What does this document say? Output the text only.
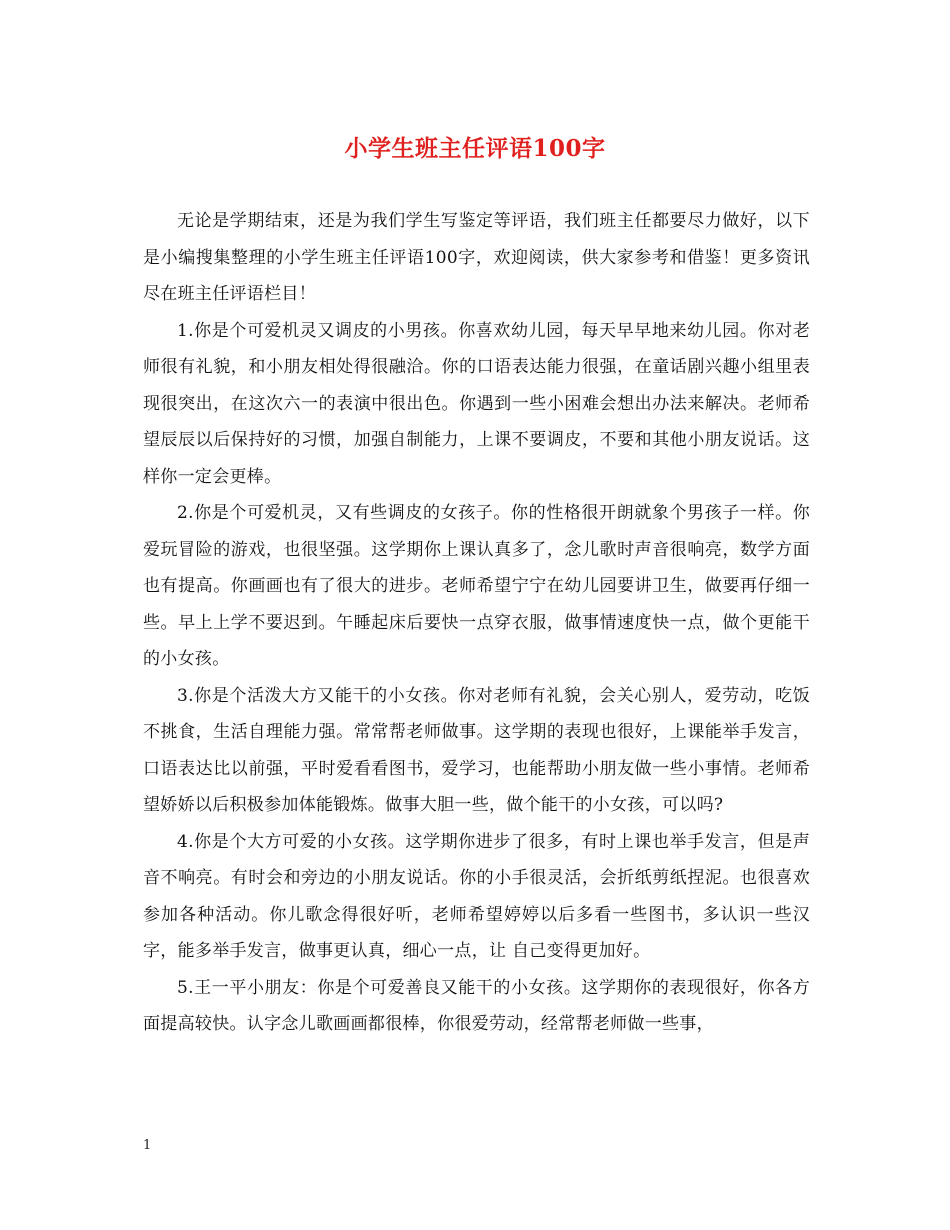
小学生班主任评语100字

无论是学期结束，还是为我们学生写鉴定等评语，我们班主任都要尽力做好，以下是小编搜集整理的小学生班主任评语100字，欢迎阅读，供大家参考和借鉴！更多资讯尽在班主任评语栏目！

1.你是个可爱机灵又调皮的小男孩。你喜欢幼儿园，每天早早地来幼儿园。你对老师很有礼貌，和小朋友相处得很融洽。你的口语表达能力很强，在童话剧兴趣小组里表现很突出，在这次六一的表演中很出色。你遇到一些小困难会想出办法来解决。老师希望辰辰以后保持好的习惯，加强自制能力，上课不要调皮，不要和其他小朋友说话。这样你一定会更棒。

2.你是个可爱机灵，又有些调皮的女孩子。你的性格很开朗就象个男孩子一样。你爱玩冒险的游戏，也很坚强。这学期你上课认真多了，念儿歌时声音很响亮，数学方面也有提高。你画画也有了很大的进步。老师希望宁宁在幼儿园要讲卫生，做要再仔细一些。早上上学不要迟到。午睡起床后要快一点穿衣服，做事情速度快一点，做个更能干的小女孩。

3.你是个活泼大方又能干的小女孩。你对老师有礼貌，会关心别人，爱劳动，吃饭不挑食，生活自理能力强。常常帮老师做事。这学期的表现也很好，上课能举手发言，口语表达比以前强，平时爱看看图书，爱学习，也能帮助小朋友做一些小事情。老师希望娇娇以后积极参加体能锻炼。做事大胆一些，做个能干的小女孩，可以吗?

4.你是个大方可爱的小女孩。这学期你进步了很多，有时上课也举手发言，但是声音不响亮。有时会和旁边的小朋友说话。你的小手很灵活，会折纸剪纸捏泥。也很喜欢参加各种活动。你儿歌念得很好听，老师希望婷婷以后多看一些图书，多认识一些汉字，能多举手发言，做事更认真，细心一点，让 自己变得更加好。

5.王一平小朋友：你是个可爱善良又能干的小女孩。这学期你的表现很好，你各方面提高较快。认字念儿歌画画都很棒，你很爱劳动，经常帮老师做一些事，

1
